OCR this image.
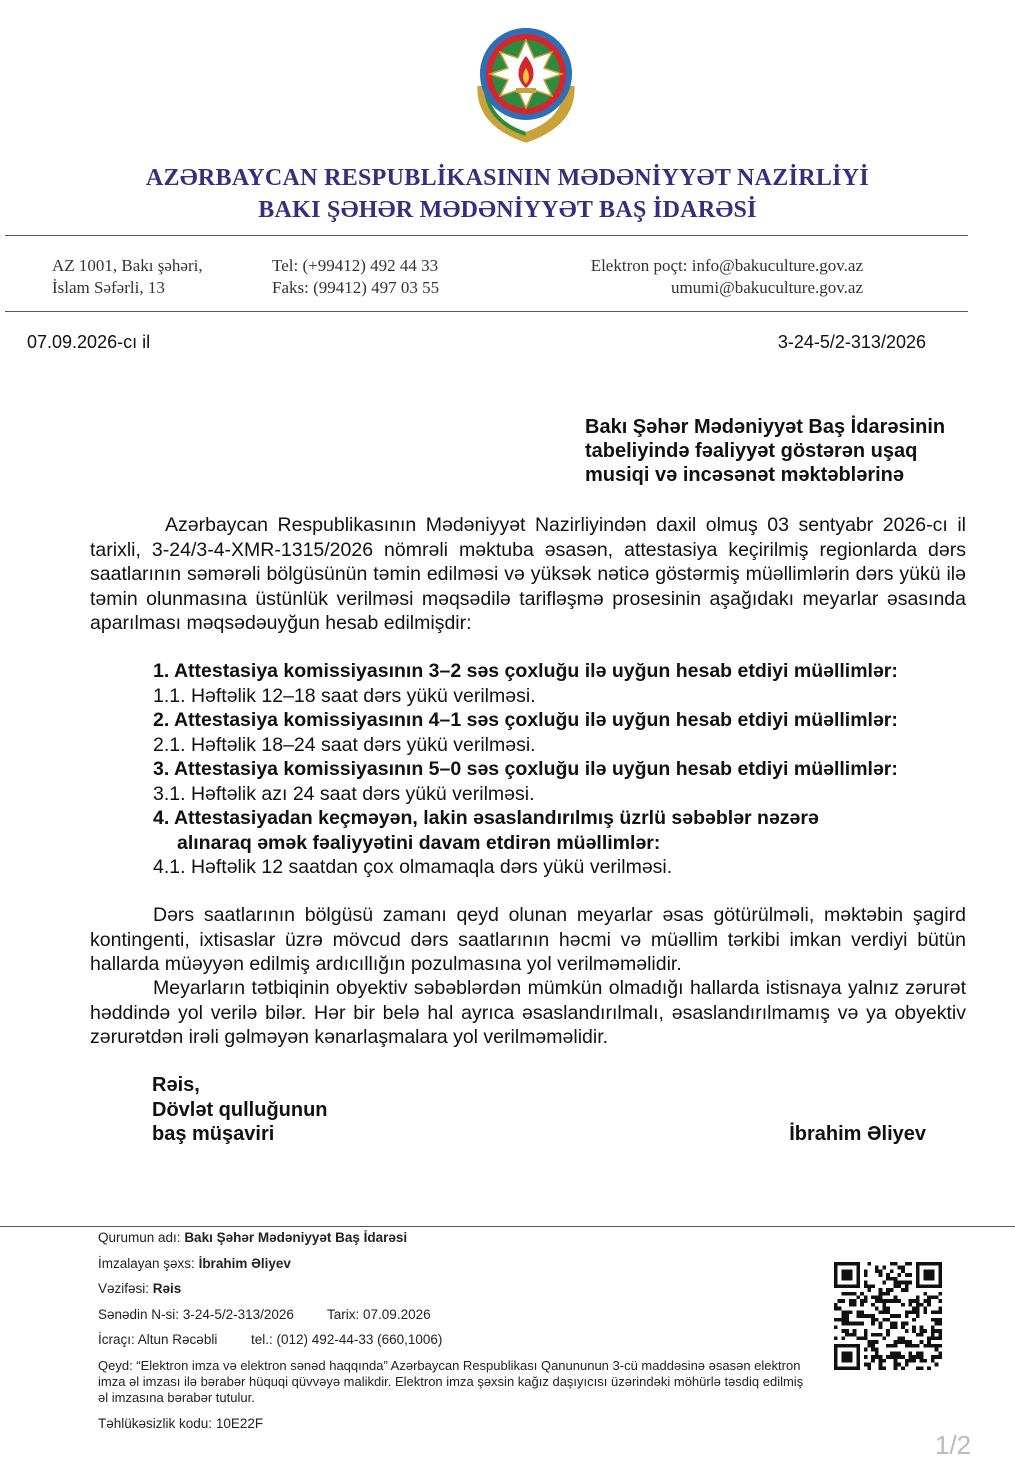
AZƏRBAYCAN RESPUBLİKASININ MƏDƏNİYYƏT NAZİRLİYİ
BAKI ŞƏHƏR MƏDƏNİYYƏT BAŞ İDARƏSİ
AZ 1001, Bakı şəhəri,
İslam Səfərli, 13
Tel: (+99412) 492 44 33
Faks: (99412) 497 03 55
Elektron poçt: info@bakuculture.gov.az
umumi@bakuculture.gov.az
07.09.2026-cı il	3-24-5/2-313/2026
Bakı Şəhər Mədəniyyət Baş İdarəsinin
tabeliyində fəaliyyət göstərən uşaq
musiqi və incəsənət məktəblərinə
Azərbaycan Respublikasının Mədəniyyət Nazirliyindən daxil olmuş 03 sentyabr 2026-cı il tarixli, 3-24/3-4-XMR-1315/2026 nömrəli məktuba əsasən, attestasiya keçirilmiş regionlarda dərs saatlarının səmərəli bölgüsünün təmin edilməsi və yüksək nəticə göstərmiş müəllimlərin dərs yükü ilə təmin olunmasına üstünlük verilməsi məqsədilə tarifləşmə prosesinin aşağıdakı meyarlar əsasında aparılması məqsədəuyğun hesab edilmişdir:
1. Attestasiya komissiyasının 3–2 səs çoxluğu ilə uyğun hesab etdiyi müəllimlər:
1.1. Həftəlik 12–18 saat dərs yükü verilməsi.
2. Attestasiya komissiyasının 4–1 səs çoxluğu ilə uyğun hesab etdiyi müəllimlər:
2.1. Həftəlik 18–24 saat dərs yükü verilməsi.
3. Attestasiya komissiyasının 5–0 səs çoxluğu ilə uyğun hesab etdiyi müəllimlər:
3.1. Həftəlik azı 24 saat dərs yükü verilməsi.
4. Attestasiyadan keçməyən, lakin əsaslandırılmış üzrlü səbəblər nəzərə
alınaraq əmək fəaliyyətini davam etdirən müəllimlər:
4.1. Həftəlik 12 saatdan çox olmamaqla dərs yükü verilməsi.
Dərs saatlarının bölgüsü zamanı qeyd olunan meyarlar əsas götürülməli, məktəbin şagird kontingenti, ixtisaslar üzrə mövcud dərs saatlarının həcmi və müəllim tərkibi imkan verdiyi bütün hallarda müəyyən edilmiş ardıcıllığın pozulmasına yol verilməməlidir.
Meyarların tətbiqinin obyektiv səbəblərdən mümkün olmadığı hallarda istisnaya yalnız zərurət həddində yol verilə bilər. Hər bir belə hal ayrıca əsaslandırılmalı, əsaslandırılmamış və ya obyektiv zərurətdən irəli gəlməyən kənarlaşmalara yol verilməməlidir.
Rəis,
Dövlət qulluğunun
baş müşaviri	İbrahim Əliyev
Qurumun adı: Bakı Şəhər Mədəniyyət Baş İdarəsi
İmzalayan şəxs: İbrahim Əliyev
Vəzifəsi: Rəis
Sənədin N-si: 3-24-5/2-313/2026 Tarix: 07.09.2026
İcraçı: Altun Rəcəbli tel.: (012) 492-44-33 (660,1006)
Qeyd: “Elektron imza və elektron sənəd haqqında” Azərbaycan Respublikası Qanununun 3-cü maddəsinə əsasən elektron imza əl imzası ilə bərabər hüquqi qüvvəyə malikdir. Elektron imza şəxsin kağız daşıyıcısı üzərindəki möhürlə təsdiq edilmiş əl imzasına bərabər tutulur.
Təhlükəsizlik kodu: 10E22F
1/2
